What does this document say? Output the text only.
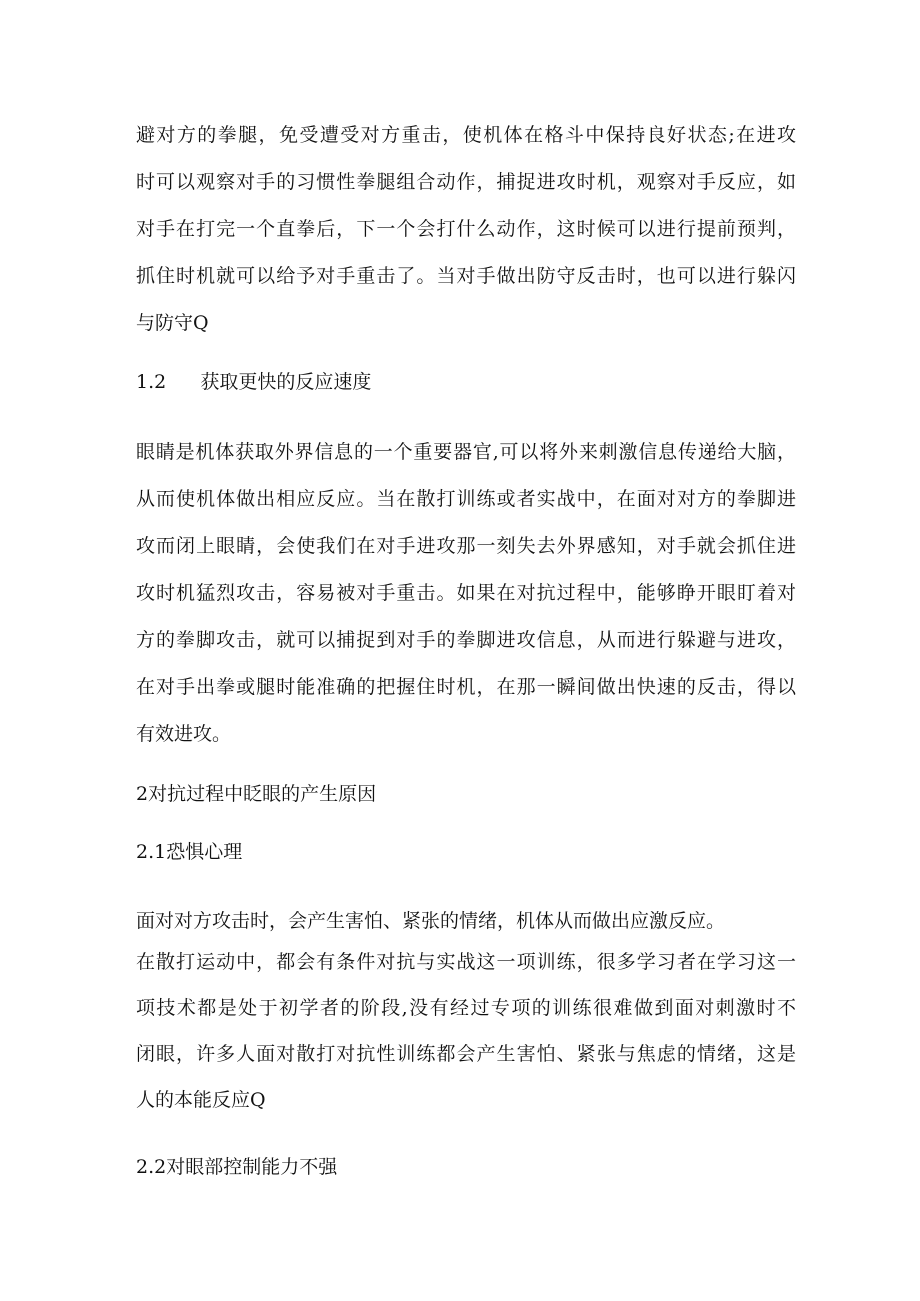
避对方的拳腿，免受遭受对方重击，使机体在格斗中保持良好状态;在进攻
时可以观察对手的习惯性拳腿组合动作，捕捉进攻时机，观察对手反应，如
对手在打完一个直拳后，下一个会打什么动作，这时候可以进行提前预判，
抓住时机就可以给予对手重击了。当对手做出防守反击时，也可以进行躲闪
与防守Q
1.2 获取更快的反应速度
眼睛是机体获取外界信息的一个重要器官,可以将外来刺激信息传递给大脑，
从而使机体做出相应反应。当在散打训练或者实战中，在面对对方的拳脚进
攻而闭上眼睛，会使我们在对手进攻那一刻失去外界感知，对手就会抓住进
攻时机猛烈攻击，容易被对手重击。如果在对抗过程中，能够睁开眼盯着对
方的拳脚攻击，就可以捕捉到对手的拳脚进攻信息，从而进行躲避与进攻，
在对手出拳或腿时能准确的把握住时机，在那一瞬间做出快速的反击，得以
有效进攻。
2对抗过程中眨眼的产生原因
2.1恐惧心理
面对对方攻击时，会产生害怕、紧张的情绪，机体从而做出应激反应。
在散打运动中，都会有条件对抗与实战这一项训练，很多学习者在学习这一
项技术都是处于初学者的阶段,没有经过专项的训练很难做到面对刺激时不
闭眼，许多人面对散打对抗性训练都会产生害怕、紧张与焦虑的情绪，这是
人的本能反应Q
2.2对眼部控制能力不强
